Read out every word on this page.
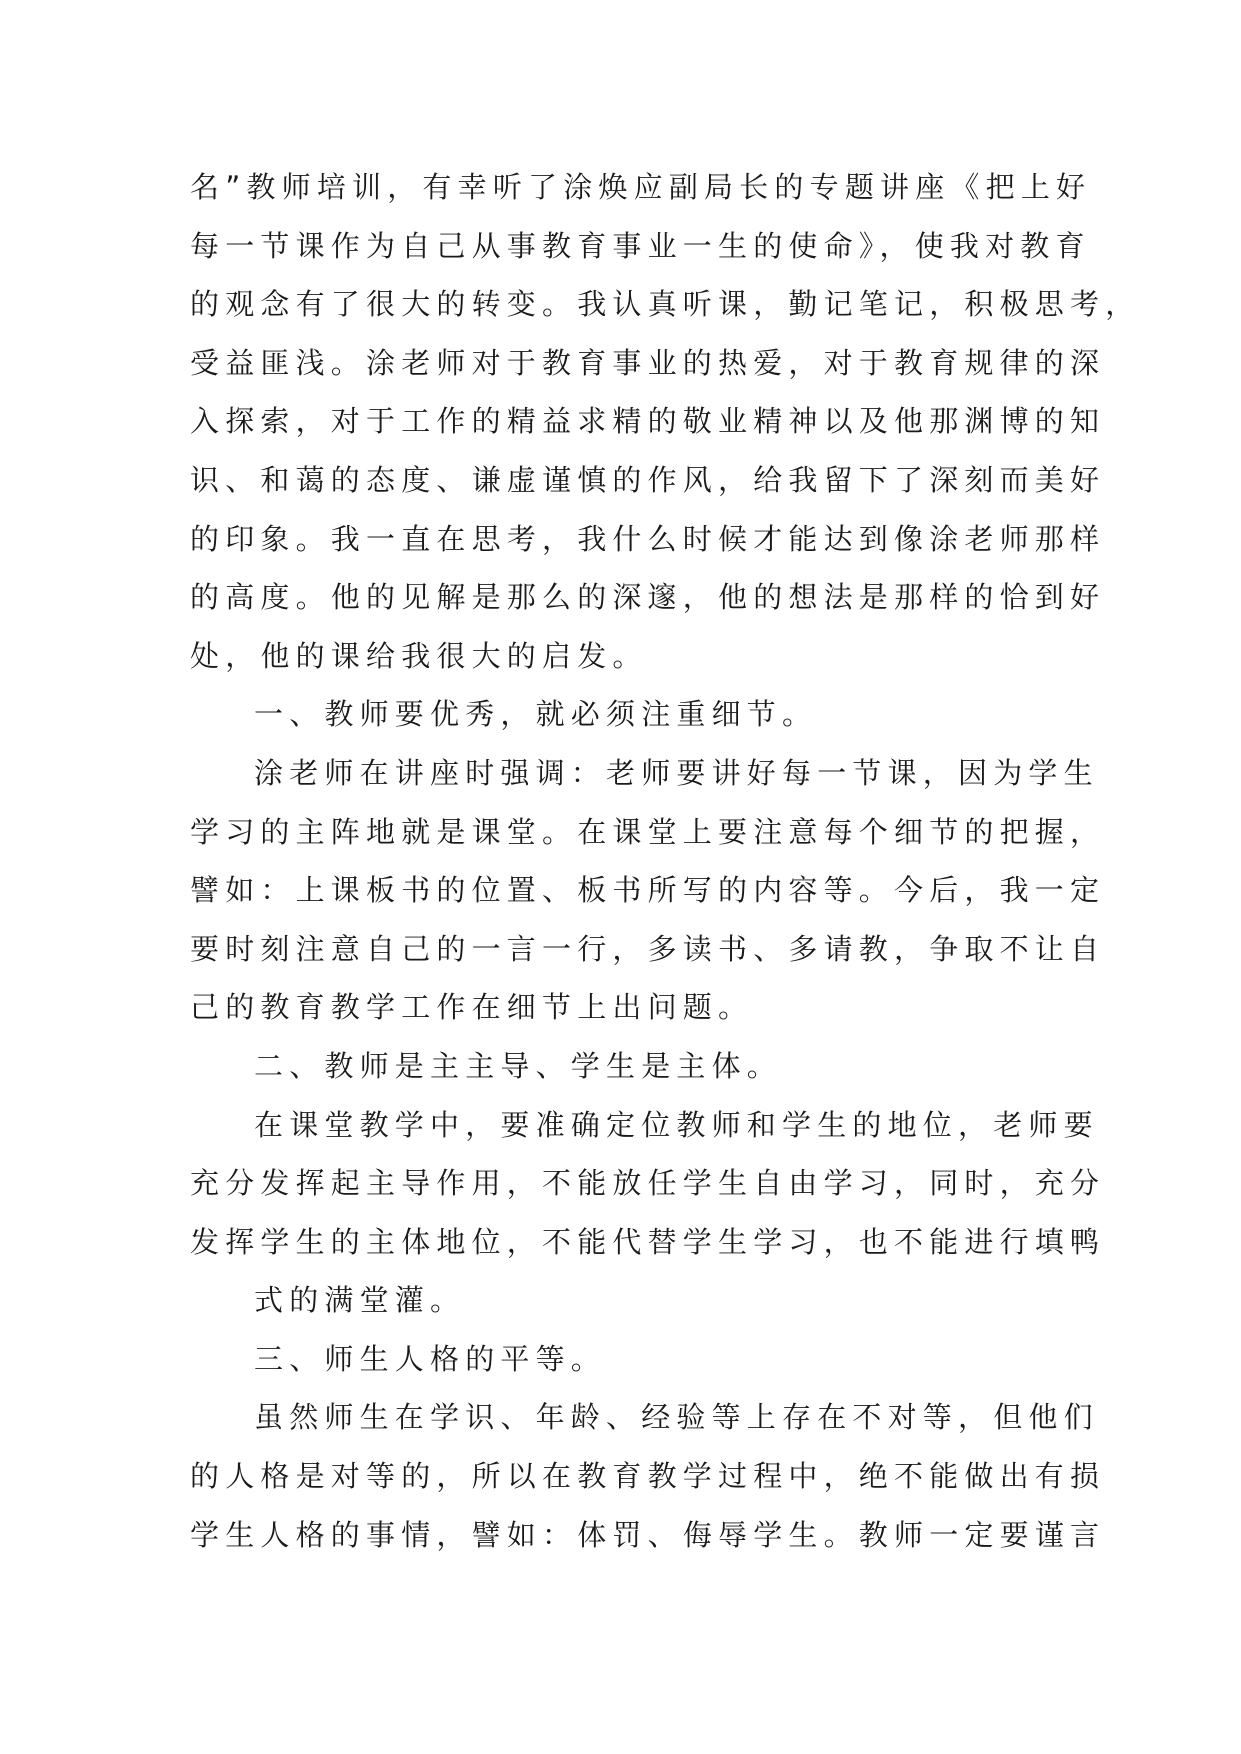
名”教师培训，有幸听了涂焕应副局长的专题讲座《把上好
每一节课作为自己从事教育事业一生的使命》，使我对教育
的观念有了很大的转变。我认真听课，勤记笔记，积极思考，
受益匪浅。涂老师对于教育事业的热爱，对于教育规律的深
入探索，对于工作的精益求精的敬业精神以及他那渊博的知
识、和蔼的态度、谦虚谨慎的作风，给我留下了深刻而美好
的印象。我一直在思考，我什么时候才能达到像涂老师那样
的高度。他的见解是那么的深邃，他的想法是那样的恰到好
处，他的课给我很大的启发。
一、教师要优秀，就必须注重细节。
涂老师在讲座时强调：老师要讲好每一节课，因为学生
学习的主阵地就是课堂。在课堂上要注意每个细节的把握，
譬如：上课板书的位置、板书所写的内容等。今后，我一定
要时刻注意自己的一言一行，多读书、多请教，争取不让自
己的教育教学工作在细节上出问题。
二、教师是主主导、学生是主体。
在课堂教学中，要准确定位教师和学生的地位，老师要
充分发挥起主导作用，不能放任学生自由学习，同时，充分
发挥学生的主体地位，不能代替学生学习，也不能进行填鸭
式的满堂灌。
三、师生人格的平等。
虽然师生在学识、年龄、经验等上存在不对等，但他们
的人格是对等的，所以在教育教学过程中，绝不能做出有损
学生人格的事情，譬如：体罚、侮辱学生。教师一定要谨言
